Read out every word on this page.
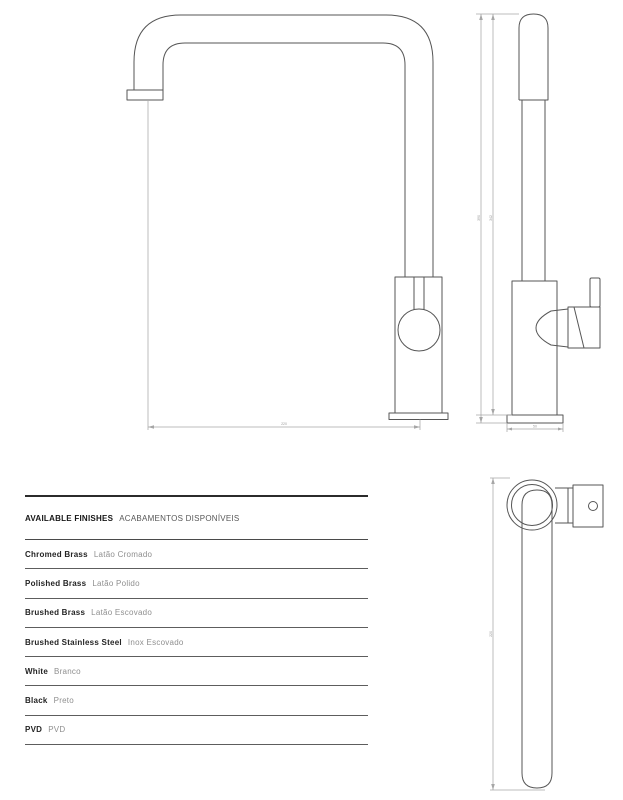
220
390 342
50
220
AVAILABLE FINISHES ACABAMENTOS DISPONÍVEIS
Chromed Brass Latão Cromado
Polished Brass Latão Polido
Brushed Brass Latão Escovado
Brushed Stainless Steel Inox Escovado
White Branco
Black Preto
PVD PVD
